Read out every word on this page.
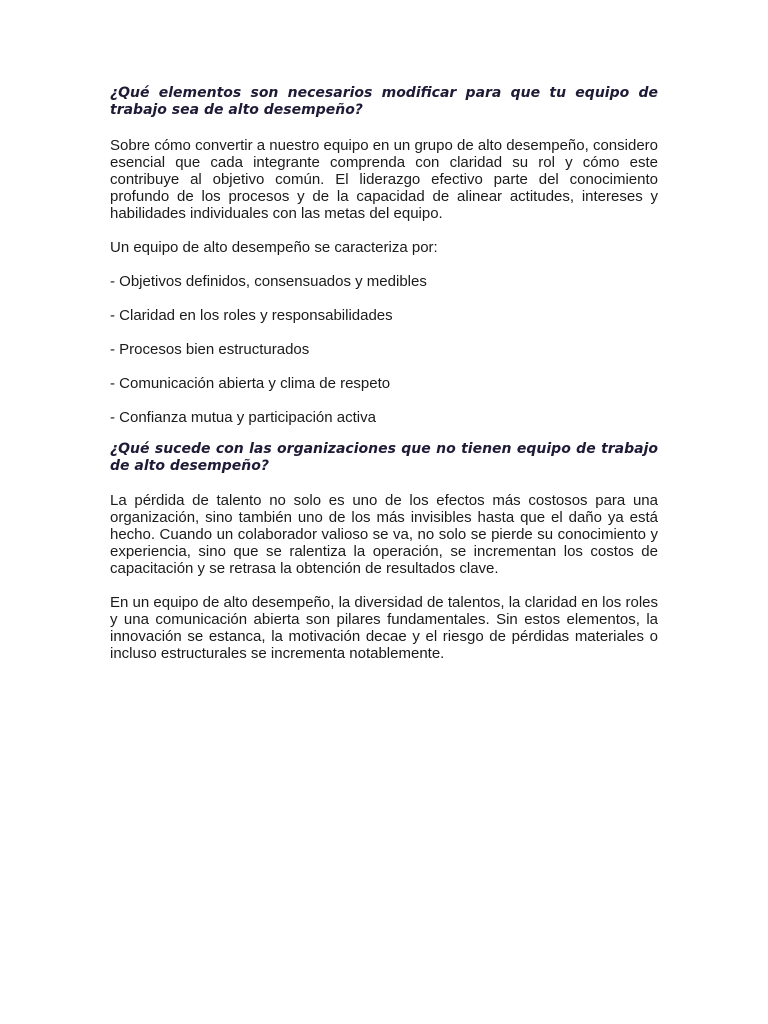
¿Qué elementos son necesarios modificar para que tu equipo de trabajo sea de alto desempeño?

Sobre cómo convertir a nuestro equipo en un grupo de alto desempeño, considero esencial que cada integrante comprenda con claridad su rol y cómo este contribuye al objetivo común. El liderazgo efectivo parte del conocimiento profundo de los procesos y de la capacidad de alinear actitudes, intereses y habilidades individuales con las metas del equipo.

Un equipo de alto desempeño se caracteriza por:

- Objetivos definidos, consensuados y medibles

- Claridad en los roles y responsabilidades

- Procesos bien estructurados

- Comunicación abierta y clima de respeto

- Confianza mutua y participación activa

¿Qué sucede con las organizaciones que no tienen equipo de trabajo de alto desempeño?

La pérdida de talento no solo es uno de los efectos más costosos para una organización, sino también uno de los más invisibles hasta que el daño ya está hecho. Cuando un colaborador valioso se va, no solo se pierde su conocimiento y experiencia, sino que se ralentiza la operación, se incrementan los costos de capacitación y se retrasa la obtención de resultados clave.

En un equipo de alto desempeño, la diversidad de talentos, la claridad en los roles y una comunicación abierta son pilares fundamentales. Sin estos elementos, la innovación se estanca, la motivación decae y el riesgo de pérdidas materiales o incluso estructurales se incrementa notablemente.
